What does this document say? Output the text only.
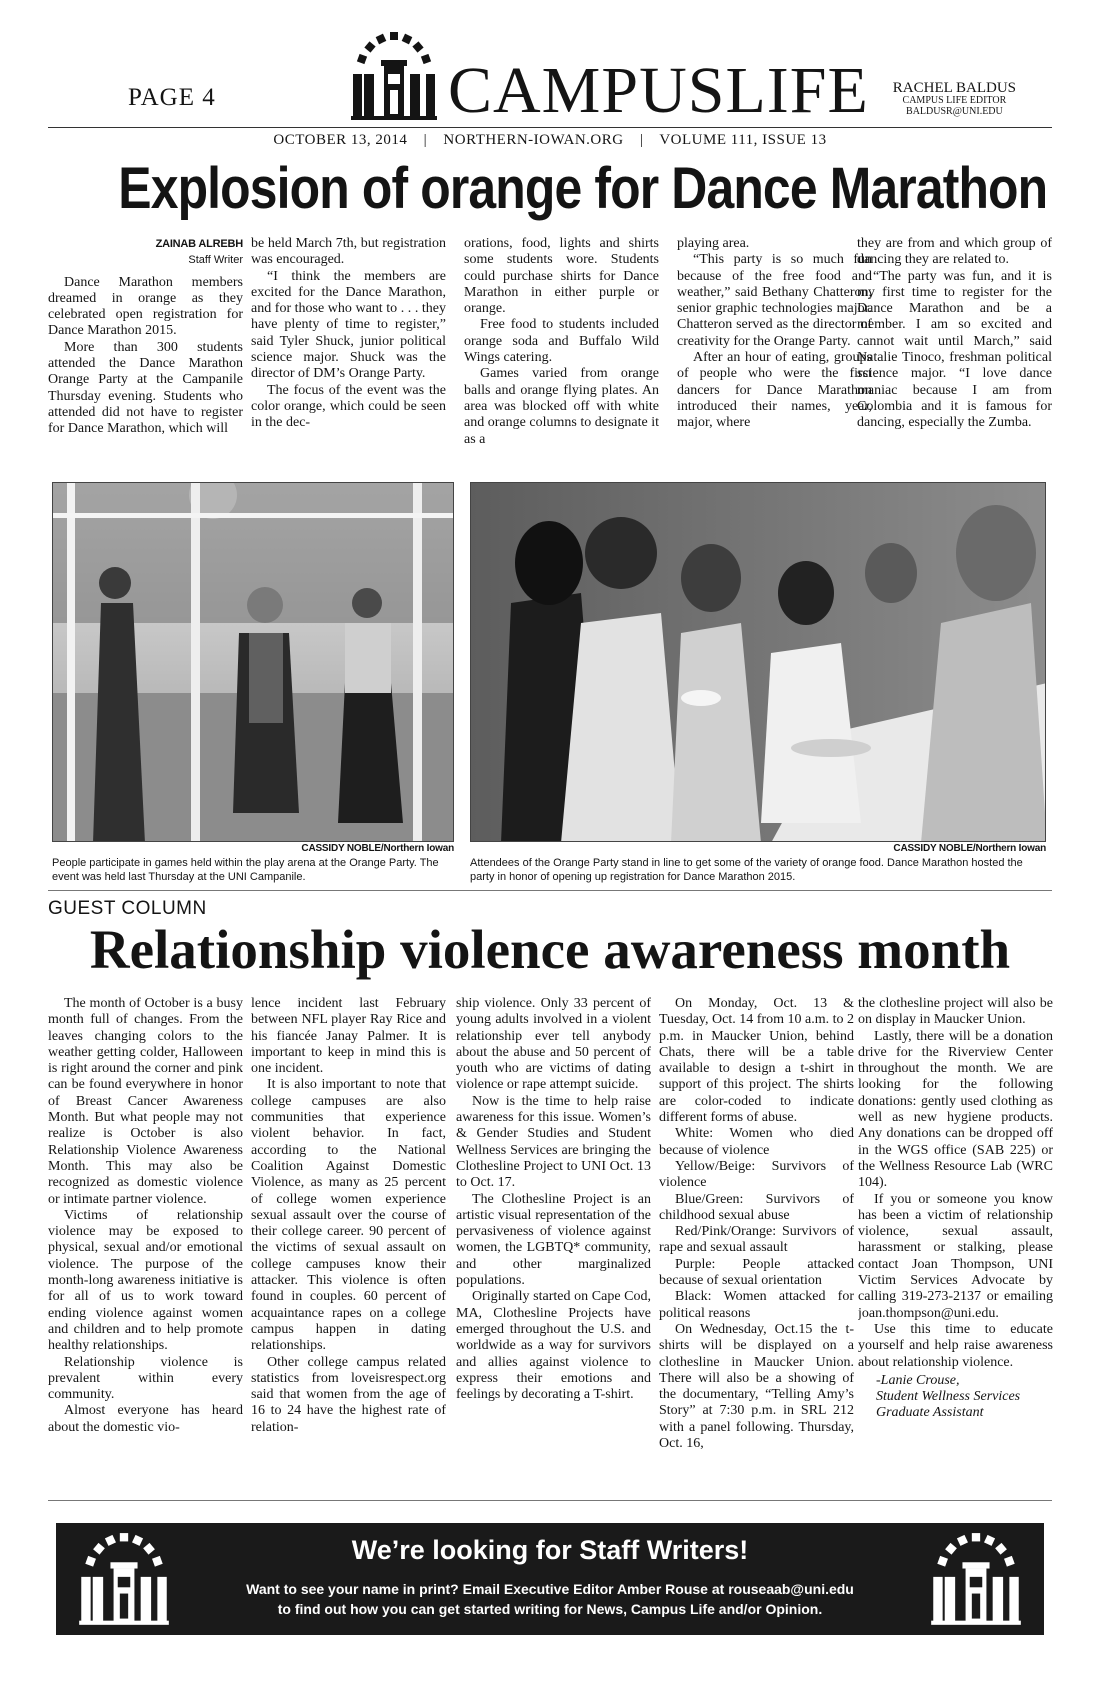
PAGE 4	CAMPUSLIFE RACHEL BALDUS
CAMPUS LIFE EDITOR
BALDUSR@UNI.EDU
OCTOBER 13, 2014 | NORTHERN-IOWAN.ORG | VOLUME 111, ISSUE 13
Explosion of orange for Dance Marathon
ZAINAB ALREBH
Staff Writer

Dance Marathon members dreamed in orange as they celebrated open registration for Dance Marathon 2015.

More than 300 students attended the Dance Marathon Orange Party at the Campanile Thursday evening. Students who attended did not have to register for Dance Marathon, which will

be held March 7th, but registration was encouraged.

“I think the members are excited for the Dance Marathon, and for those who want to . . . they have plenty of time to register,” said Tyler Shuck, junior political science major. Shuck was the director of DM’s Orange Party.

The focus of the event was the color orange, which could be seen in the dec-

orations, food, lights and shirts some students wore. Students could purchase shirts for Dance Marathon in either purple or orange.

Free food to students included orange soda and Buffalo Wild Wings catering.

Games varied from orange balls and orange flying plates. An area was blocked off with white and orange columns to designate it as a

playing area.

“This party is so much fun because of the free food and weather,” said Bethany Chatteron, senior graphic technologies major. Chatteron served as the director of creativity for the Orange Party.

After an hour of eating, groups of people who were the first dancers for Dance Marathon introduced their names, year, major, where

they are from and which group of dancing they are related to.

“The party was fun, and it is my first time to register for the Dance Marathon and be a member. I am so excited and cannot wait until March,” said Natalie Tinoco, freshman political science major. “I love dance maniac because I am from Colombia and it is famous for dancing, especially the Zumba.

CASSIDY NOBLE/Northern Iowan
People participate in games held within the play arena at the Orange Party. The event was held last Thursday at the UNI Campanile.
CASSIDY NOBLE/Northern Iowan
Attendees of the Orange Party stand in line to get some of the variety of orange food. Dance Marathon hosted the party in honor of opening up registration for Dance Marathon 2015.
GUEST COLUMN
Relationship violence awareness month

The month of October is a busy month full of changes. From the leaves changing colors to the weather getting colder, Halloween is right around the corner and pink can be found everywhere in honor of Breast Cancer Awareness Month. But what people may not realize is October is also Relationship Violence Awareness Month. This may also be recognized as domestic violence or intimate partner violence.

Victims of relationship violence may be exposed to physical, sexual and/or emotional violence. The purpose of the month-long awareness initiative is for all of us to work toward ending violence against women and children and to help promote healthy relationships.

Relationship violence is prevalent within every community.

Almost everyone has heard about the domestic vio-

lence incident last February between NFL player Ray Rice and his fiancée Janay Palmer. It is important to keep in mind this is one incident.

It is also important to note that college campuses are also communities that experience violent behavior. In fact, according to the National Coalition Against Domestic Violence, as many as 25 percent of college women experience sexual assault over the course of their college career. 90 percent of the victims of sexual assault on college campuses know their attacker. This violence is often found in couples. 60 percent of acquaintance rapes on a college campus happen in dating relationships.

Other college campus related statistics from loveisrespect.org said that women from the age of 16 to 24 have the highest rate of relation-

ship violence. Only 33 percent of young adults involved in a violent relationship ever tell anybody about the abuse and 50 percent of youth who are victims of dating violence or rape attempt suicide.

Now is the time to help raise awareness for this issue. Women’s & Gender Studies and Student Wellness Services are bringing the Clothesline Project to UNI Oct. 13 to Oct. 17.

The Clothesline Project is an artistic visual representation of the pervasiveness of violence against women, the LGBTQ* community, and other marginalized populations.

Originally started on Cape Cod, MA, Clothesline Projects have emerged throughout the U.S. and worldwide as a way for survivors and allies against violence to express their emotions and feelings by decorating a T-shirt.

On Monday, Oct. 13 & Tuesday, Oct. 14 from 10 a.m. to 2 p.m. in Maucker Union, behind Chats, there will be a table available to design a t-shirt in support of this project. The shirts are color-coded to indicate different forms of abuse.

White: Women who died because of violence

Yellow/Beige: Survivors of violence

Blue/Green: Survivors of childhood sexual abuse

Red/Pink/Orange: Survivors of rape and sexual assault

Purple: People attacked because of sexual orientation

Black: Women attacked for political reasons

On Wednesday, Oct.15 the t-shirts will be displayed on a clothesline in Maucker Union. There will also be a showing of the documentary, “Telling Amy’s Story” at 7:30 p.m. in SRL 212 with a panel following. Thursday, Oct. 16,

the clothesline project will also be on display in Maucker Union.

Lastly, there will be a donation drive for the Riverview Center throughout the month. We are looking for the following donations: gently used clothing as well as new hygiene products. Any donations can be dropped off in the WGS office (SAB 225) or the Wellness Resource Lab (WRC 104).

If you or someone you know has been a victim of relationship violence, sexual assault, harassment or stalking, please contact Joan Thompson, UNI Victim Services Advocate by calling 319-273-2137 or emailing joan.thompson@uni.edu.

Use this time to educate yourself and help raise awareness about relationship violence.

-Lanie Crouse,
Student Wellness Services
Graduate Assistant
We’re looking for Staff Writers!
Want to see your name in print? Email Executive Editor Amber Rouse at rouseaab@uni.edu
to find out how you can get started writing for News, Campus Life and/or Opinion.
